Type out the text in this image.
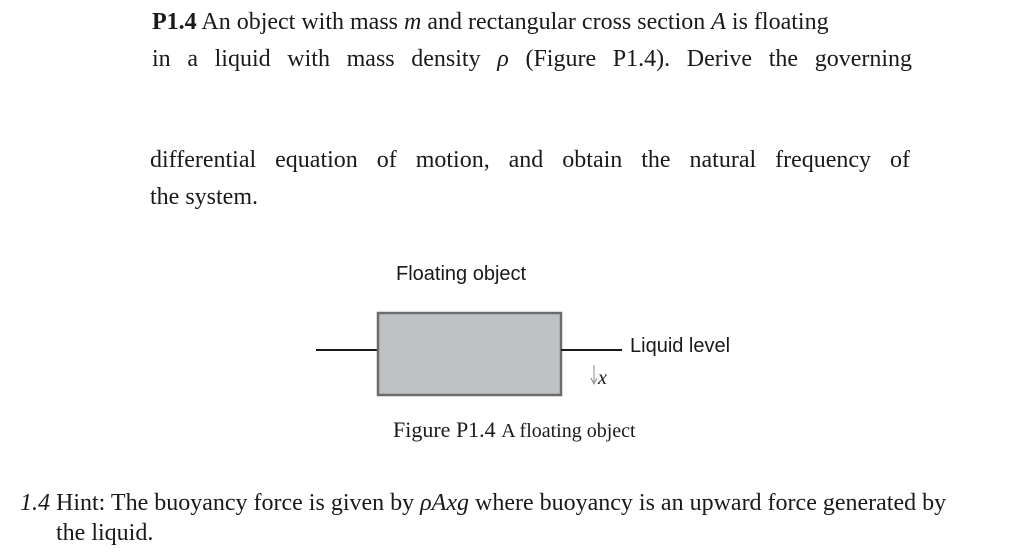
P1.4 An object with mass m and rectangular cross section A is floating
in a liquid with mass density ρ (Figure P1.4). Derive the governing
differential equation of motion, and obtain the natural frequency of
the system.
Floating object
Liquid level
x
Figure P1.4 A floating object
1.4 Hint: The buoyancy force is given by ρAxg where buoyancy is an upward force generated by
the liquid.
